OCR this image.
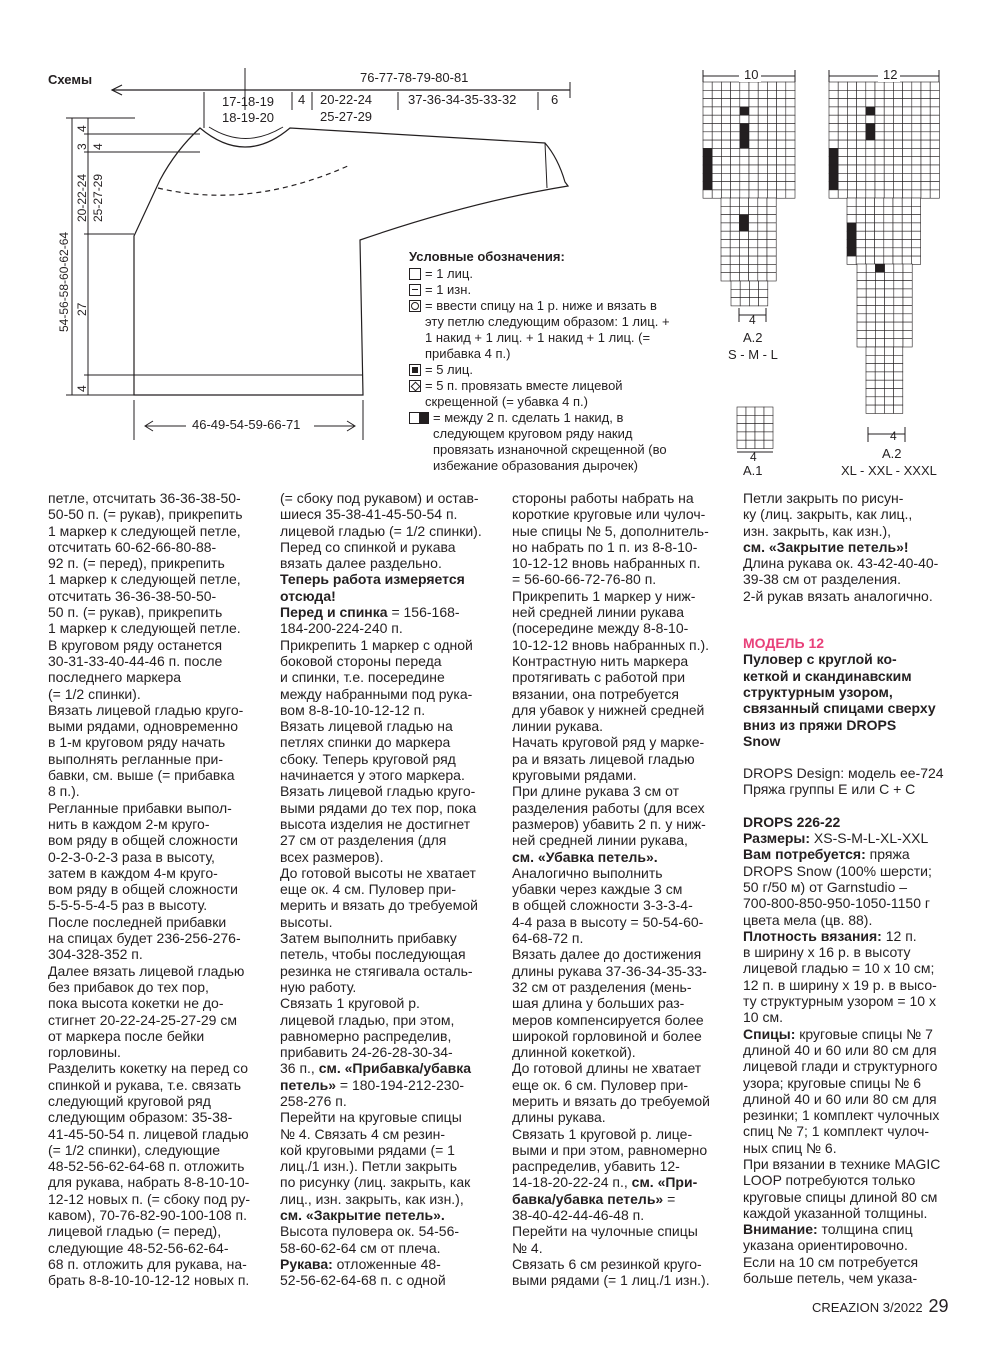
Схемы	76-77-78-79-80-81
17-18-19
18-19-20
4 20-22-24
25-27-29
37-36-34-35-33-32	6
4
3 4
20-22-24 25-27-29
54-56-58-60-62-64 27
4
46-49-54-59-66-71
Условные обозначения:
= 1 лиц.
= 1 изн.
= ввести спицу на 1 р. ниже и вязать в эту петлю следующим образом: 1 лиц. + 1 накид + 1 лиц. + 1 накид + 1 лиц. (= прибавка 4 п.)
= 5 лиц.
= 5 п. провязать вместе лицевой скрещенной (= убавка 4 п.)
= между 2 п. сделать 1 накид, в следующем круговом ряду накид провязать изнаночной скрещенной (во избежание образования дырочек)
10	12
4
A.2
S - M - L
4
A.1
4
A.2
XL - XXL - XXXL

петле, отсчитать 36-36-38-50-

50-50 п. (= рукав), прикрепить

1 маркер к следующей петле,

отсчитать 60-62-66-80-88-

92 п. (= перед), прикрепить

1 маркер к следующей петле,

отсчитать 36-36-38-50-50-

50 п. (= рукав), прикрепить

1 маркер к следующей петле.

В круговом ряду останется

30-31-33-40-44-46 п. после

последнего маркера

(= 1/2 спинки).

Вязать лицевой гладью круго-

выми рядами, одновременно

в 1-м круговом ряду начать

выполнять регланные при-

бавки, см. выше (= прибавка

8 п.).

Регланные прибавки выпол-

нить в каждом 2-м круго-

вом ряду в общей сложности

0-2-3-0-2-3 раза в высоту,

затем в каждом 4-м круго-

вом ряду в общей сложности

5-5-5-5-4-5 раз в высоту.

После последней прибавки

на спицах будет 236-256-276-

304-328-352 п.

Далее вязать лицевой гладью

без прибавок до тех пор,

пока высота кокетки не до-

стигнет 20-22-24-25-27-29 см

от маркера после бейки

горловины.

Разделить кокетку на перед со

спинкой и рукава, т.е. связать

следующий круговой ряд

следующим образом: 35-38-

41-45-50-54 п. лицевой гладью

(= 1/2 спинки), следующие

48-52-56-62-64-68 п. отложить

для рукава, набрать 8-8-10-10-

12-12 новых п. (= сбоку под ру-

кавом), 70-76-82-90-100-108 п.

лицевой гладью (= перед),

следующие 48-52-56-62-64-

68 п. отложить для рукава, на-

брать 8-8-10-10-12-12 новых п.

(= сбоку под рукавом) и остав-

шиеся 35-38-41-45-50-54 п.

лицевой гладью (= 1/2 спинки).

Перед со спинкой и рукава

вязать далее раздельно.

Теперь работа измеряется

отсюда!

Перед и спинка = 156-168-

184-200-224-240 п.

Прикрепить 1 маркер с одной

боковой стороны переда

и спинки, т.е. посередине

между набранными под рука-

вом 8-8-10-10-12-12 п.

Вязать лицевой гладью на

петлях спинки до маркера

сбоку. Теперь круговой ряд

начинается у этого маркера.

Вязать лицевой гладью круго-

выми рядами до тех пор, пока

высота изделия не достигнет

27 см от разделения (для

всех размеров).

До готовой высоты не хватает

еще ок. 4 см. Пуловер при-

мерить и вязать до требуемой

высоты.

Затем выполнить прибавку

петель, чтобы последующая

резинка не стягивала осталь-

ную работу.

Связать 1 круговой р.

лицевой гладью, при этом,

равномерно распределив,

прибавить 24-26-28-30-34-

36 п., см. «Прибавка/убавка

петель» = 180-194-212-230-

258-276 п.

Перейти на круговые спицы

№ 4. Связать 4 см резин-

кой круговыми рядами (= 1

лиц./1 изн.). Петли закрыть

по рисунку (лиц. закрыть, как

лиц., изн. закрыть, как изн.),

см. «Закрытие петель».

Высота пуловера ок. 54-56-

58-60-62-64 см от плеча.

Рукава: отложенные 48-

52-56-62-64-68 п. с одной

стороны работы набрать на

короткие круговые или чулоч-

ные спицы № 5, дополнитель-

но набрать по 1 п. из 8-8-10-

10-12-12 вновь набранных п.

= 56-60-66-72-76-80 п.

Прикрепить 1 маркер у ниж-

ней средней линии рукава

(посередине между 8-8-10-

10-12-12 вновь набранных п.).

Контрастную нить маркера

протягивать с работой при

вязании, она потребуется

для убавок у нижней средней

линии рукава.

Начать круговой ряд у марке-

ра и вязать лицевой гладью

круговыми рядами.

При длине рукава 3 см от

разделения работы (для всех

размеров) убавить 2 п. у ниж-

ней средней линии рукава,

см. «Убавка петель».

Аналогично выполнить

убавки через каждые 3 см

в общей сложности 3-3-3-4-

4-4 раза в высоту = 50-54-60-

64-68-72 п.

Вязать далее до достижения

длины рукава 37-36-34-35-33-

32 см от разделения (мень-

шая длина у больших раз-

меров компенсируется более

широкой горловиной и более

длинной кокеткой).

До готовой длины не хватает

еще ок. 6 см. Пуловер при-

мерить и вязать до требуемой

длины рукава.

Связать 1 круговой р. лице-

выми и при этом, равномерно

распределив, убавить 12-

14-18-20-22-24 п., см. «При-

бавка/убавка петель» =

38-40-42-44-46-48 п.

Перейти на чулочные спицы

№ 4.

Связать 6 см резинкой круго-

выми рядами (= 1 лиц./1 изн.).

Петли закрыть по рисун-

ку (лиц. закрыть, как лиц.,

изн. закрыть, как изн.),

см. «Закрытие петель»!

Длина рукава ок. 43-42-40-40-

39-38 см от разделения.

2-й рукав вязать аналогично.

МОДЕЛЬ 12

Пуловер с круглой ко-

кеткой и скандинавским

структурным узором,

связанный спицами сверху

вниз из пряжи DROPS

Snow

DROPS Design: модель ee-724

Пряжа группы E или C + C

DROPS 226-22

Размеры: XS-S-M-L-XL-XXL

Вам потребуется: пряжа

DROPS Snow (100% шерсти;

50 г/50 м) от Garnstudio –

700-800-850-950-1050-1150 г

цвета мела (цв. 88).

Плотность вязания: 12 п.

в ширину х 16 р. в высоту

лицевой гладью = 10 х 10 см;

12 п. в ширину х 19 р. в высо-

ту структурным узором = 10 х

10 см.

Спицы: круговые спицы № 7

длиной 40 и 60 или 80 см для

лицевой глади и структурного

узора; круговые спицы № 6

длиной 40 и 60 или 80 см для

резинки; 1 комплект чулочных

спиц № 7; 1 комплект чулоч-

ных спиц № 6.

При вязании в технике MAGIC

LOOP потребуются только

круговые спицы длиной 80 см

каждой указанной толщины.

Внимание: толщина спиц

указана ориентировочно.

Если на 10 см потребуется

больше петель, чем указа-

CREAZION 3/2022 29
